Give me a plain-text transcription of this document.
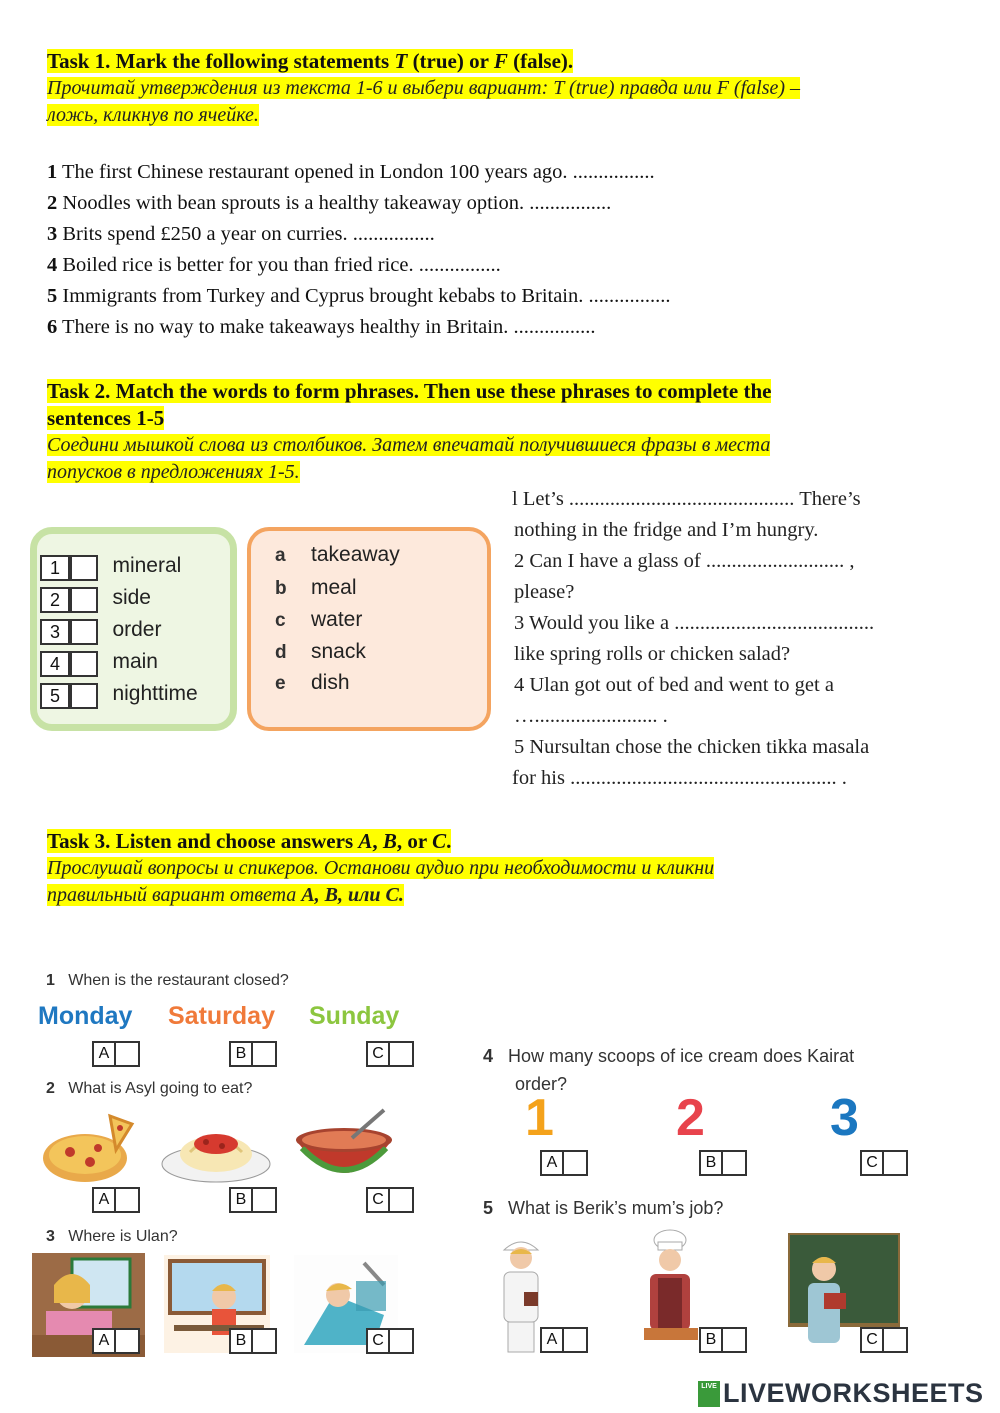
Task 1. Mark the following statements T (true) or F (false).
Прочитай утверждения из текста 1-6 и выбери вариант: T (true) правда или F (false) –
ложь, кликнув по ячейке.
1 The first Chinese restaurant opened in London 100 years ago. ................
2 Noodles with bean sprouts is a healthy takeaway option. ................
3 Brits spend £250 a year on curries. ................
4 Boiled rice is better for you than fried rice. ................
5 Immigrants from Turkey and Cyprus brought kebabs to Britain. ................
6 There is no way to make takeaways healthy in Britain. ................
Task 2. Match the words to form phrases. Then use these phrases to complete the
sentences 1-5
Соедини мышкой слова из столбиков. Затем впечатай получившиеся фразы в места
попусков в предложениях 1-5.
1 mineral
2 side
3 order
4 main
5 nighttime
a takeaway
b meal
c water
d snack
e dish
l Let’s ............................................ There’s
nothing in the fridge and I’m hungry.
2 Can I have a glass of ........................... ,
please?
3 Would you like a .......................................
like spring rolls or chicken salad?
4 Ulan got out of bed and went to get a
…........................ .
5 Nursultan chose the chicken tikka masala
for his .................................................... .
Task 3. Listen and choose answers A, B, or C.
Прослушай вопросы и спикеров. Останови аудио при необходимости и кликни
правильный вариант ответа A, B, или C.
1 When is the restaurant closed?
Monday Saturday Sunday
A	B	C
2 What is Asyl going to eat?
A	B	C
3 Where is Ulan?
A	B	C
4 How many scoops of ice cream does Kairat
order?
1 2 3
A	B	C
5 What is Berik’s mum’s job?
A	B	C
LIVE LIVEWORKSHEETS
